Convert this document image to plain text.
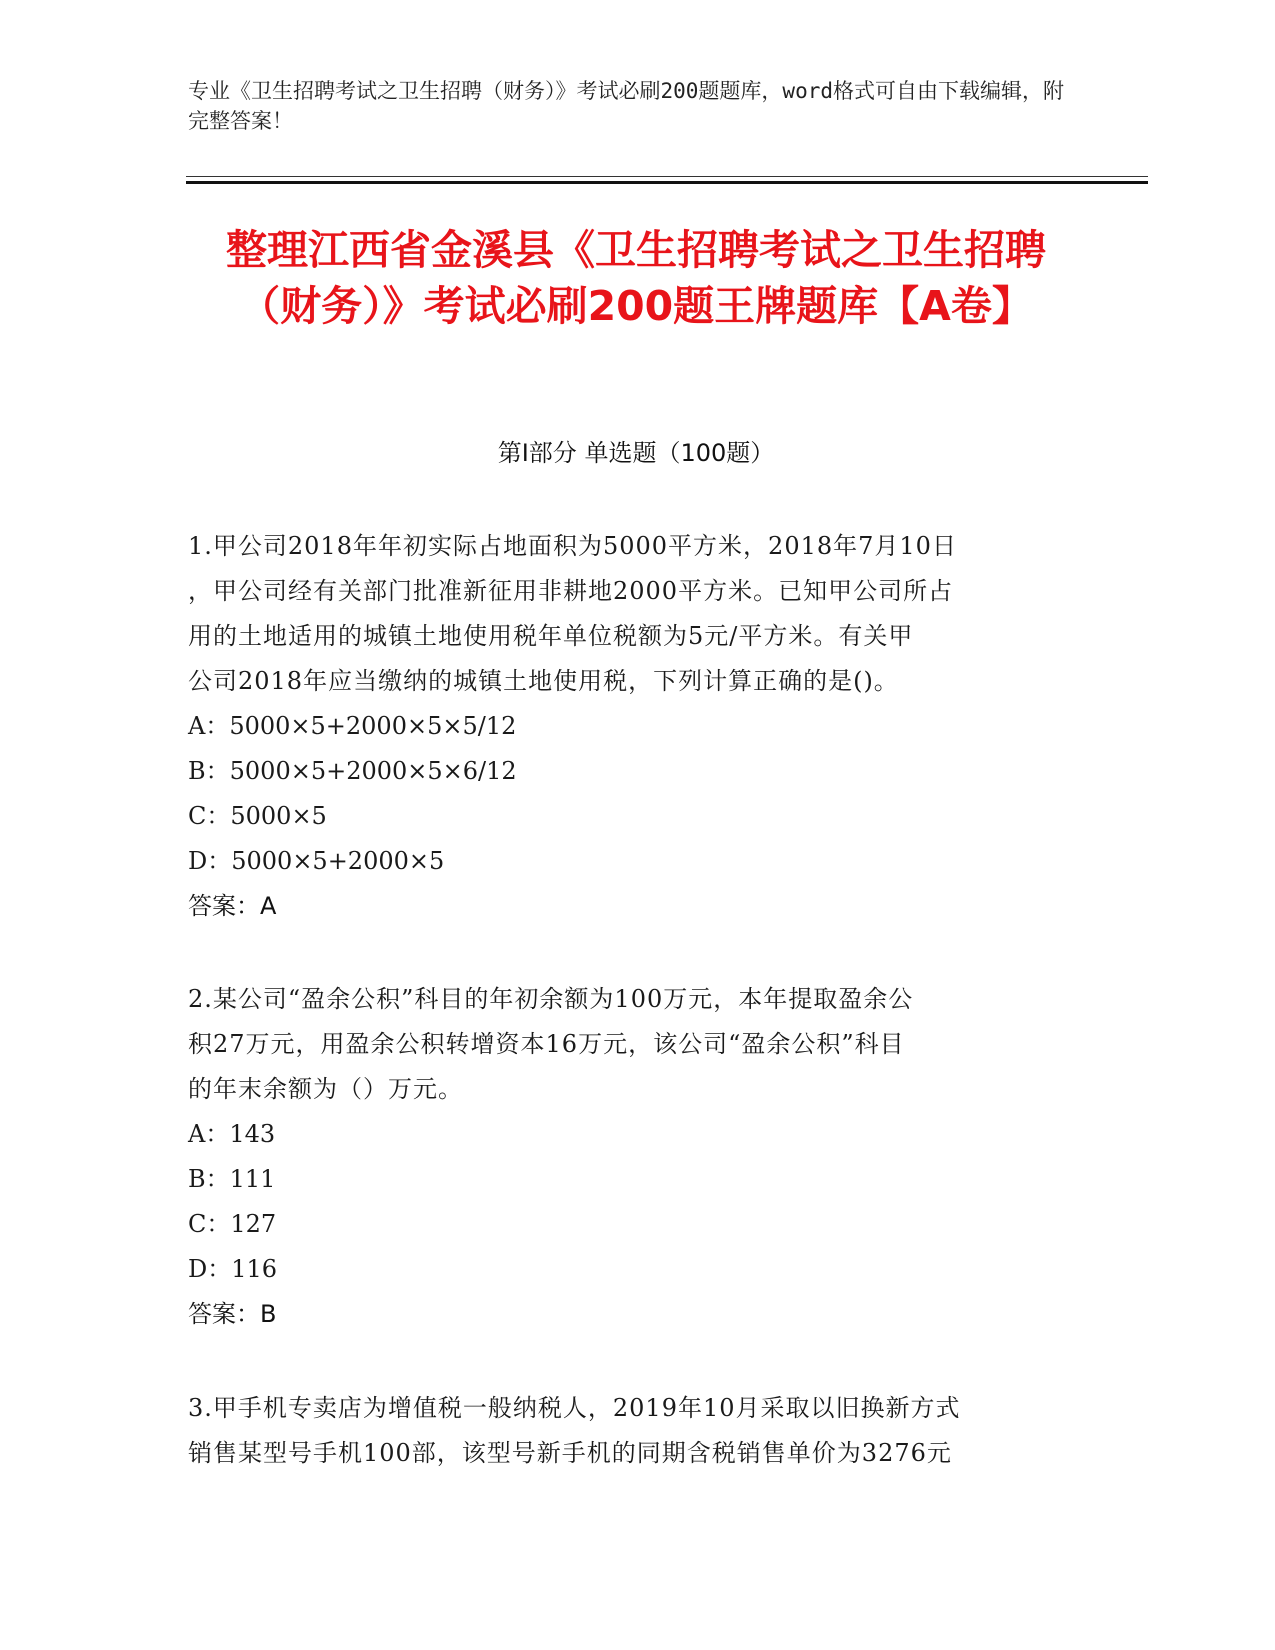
专业《卫生招聘考试之卫生招聘（财务）》考试必刷200题题库，word格式可自由下载编辑，附完整答案！
整理江西省金溪县《卫生招聘考试之卫生招聘（财务）》考试必刷200题王牌题库【A卷】
第Ⅰ部分 单选题（100题）
1.甲公司2018年年初实际占地面积为5000平方米，2018年7月10日
，甲公司经有关部门批准新征用非耕地2000平方米。已知甲公司所占
用的土地适用的城镇土地使用税年单位税额为5元/平方米。有关甲
公司2018年应当缴纳的城镇土地使用税，下列计算正确的是()。
A：5000×5+2000×5×5/12
B：5000×5+2000×5×6/12
C：5000×5
D：5000×5+2000×5
答案：A
2.某公司“盈余公积”科目的年初余额为100万元，本年提取盈余公
积27万元，用盈余公积转增资本16万元，该公司“盈余公积”科目
的年末余额为（）万元。
A：143
B：111
C：127
D：116
答案：B
3.甲手机专卖店为增值税一般纳税人，2019年10月采取以旧换新方式
销售某型号手机100部，该型号新手机的同期含税销售单价为3276元
